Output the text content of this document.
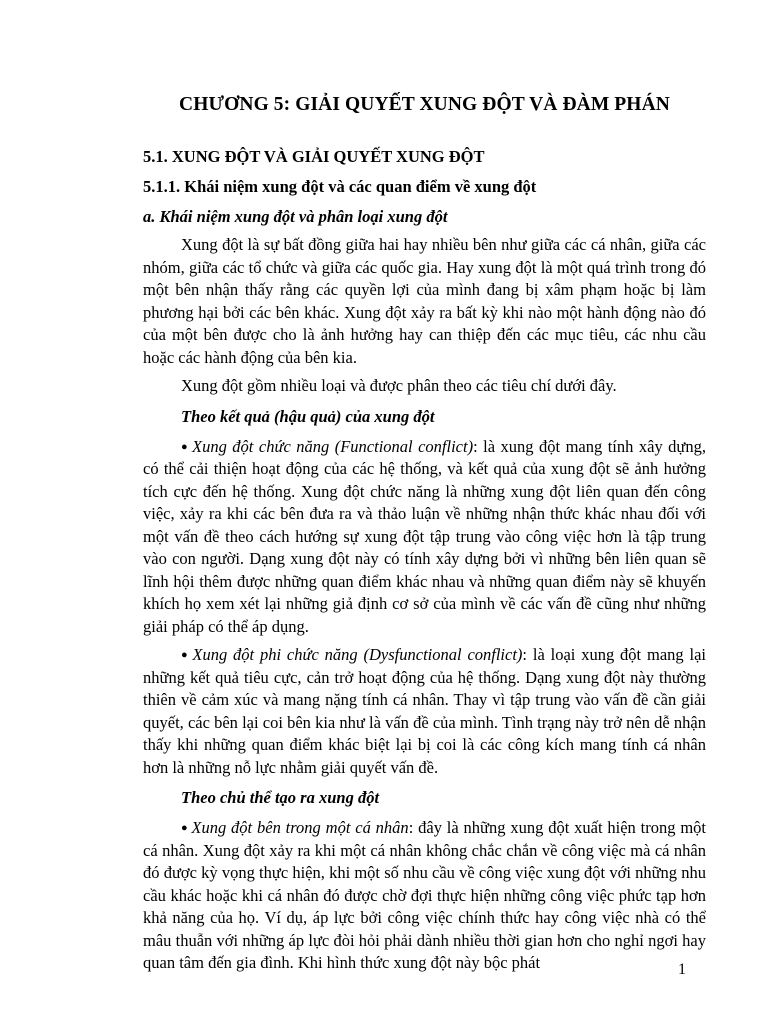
CHƯƠNG 5: GIẢI QUYẾT XUNG ĐỘT VÀ ĐÀM PHÁN
5.1. XUNG ĐỘT VÀ GIẢI QUYẾT XUNG ĐỘT
5.1.1. Khái niệm xung đột và các quan điểm về xung đột
a. Khái niệm xung đột và phân loại xung đột

Xung đột là sự bất đồng giữa hai hay nhiều bên như giữa các cá nhân, giữa các nhóm, giữa các tổ chức và giữa các quốc gia. Hay xung đột là một quá trình trong đó một bên nhận thấy rằng các quyền lợi của mình đang bị xâm phạm hoặc bị làm phương hại bởi các bên khác. Xung đột xảy ra bất kỳ khi nào một hành động nào đó của một bên được cho là ảnh hưởng hay can thiệp đến các mục tiêu, các nhu cầu hoặc các hành động của bên kia.

Xung đột gồm nhiều loại và được phân theo các tiêu chí dưới đây.

Theo kết quả (hậu quả) của xung đột

● Xung đột chức năng (Functional conflict): là xung đột mang tính xây dựng, có thể cải thiện hoạt động của các hệ thống, và kết quả của xung đột sẽ ảnh hưởng tích cực đến hệ thống. Xung đột chức năng là những xung đột liên quan đến công việc, xảy ra khi các bên đưa ra và thảo luận về những nhận thức khác nhau đối với một vấn đề theo cách hướng sự xung đột tập trung vào công việc hơn là tập trung vào con người. Dạng xung đột này có tính xây dựng bởi vì những bên liên quan sẽ lĩnh hội thêm được những quan điểm khác nhau và những quan điểm này sẽ khuyến khích họ xem xét lại những giả định cơ sở của mình về các vấn đề cũng như những giải pháp có thể áp dụng.

● Xung đột phi chức năng (Dysfunctional conflict): là loại xung đột mang lại những kết quả tiêu cực, cản trở hoạt động của hệ thống. Dạng xung đột này thường thiên về cảm xúc và mang nặng tính cá nhân. Thay vì tập trung vào vấn đề cần giải quyết, các bên lại coi bên kia như là vấn đề của mình. Tình trạng này trở nên dễ nhận thấy khi những quan điểm khác biệt lại bị coi là các công kích mang tính cá nhân hơn là những nỗ lực nhằm giải quyết vấn đề.

Theo chủ thể tạo ra xung đột

● Xung đột bên trong một cá nhân: đây là những xung đột xuất hiện trong một cá nhân. Xung đột xảy ra khi một cá nhân không chắc chắn về công việc mà cá nhân đó được kỳ vọng thực hiện, khi một số nhu cầu về công việc xung đột với những nhu cầu khác hoặc khi cá nhân đó được chờ đợi thực hiện những công việc phức tạp hơn khả năng của họ. Ví dụ, áp lực bởi công việc chính thức hay công việc nhà có thể mâu thuẫn với những áp lực đòi hỏi phải dành nhiều thời gian hơn cho nghỉ ngơi hay quan tâm đến gia đình. Khi hình thức xung đột này bộc phát	1
